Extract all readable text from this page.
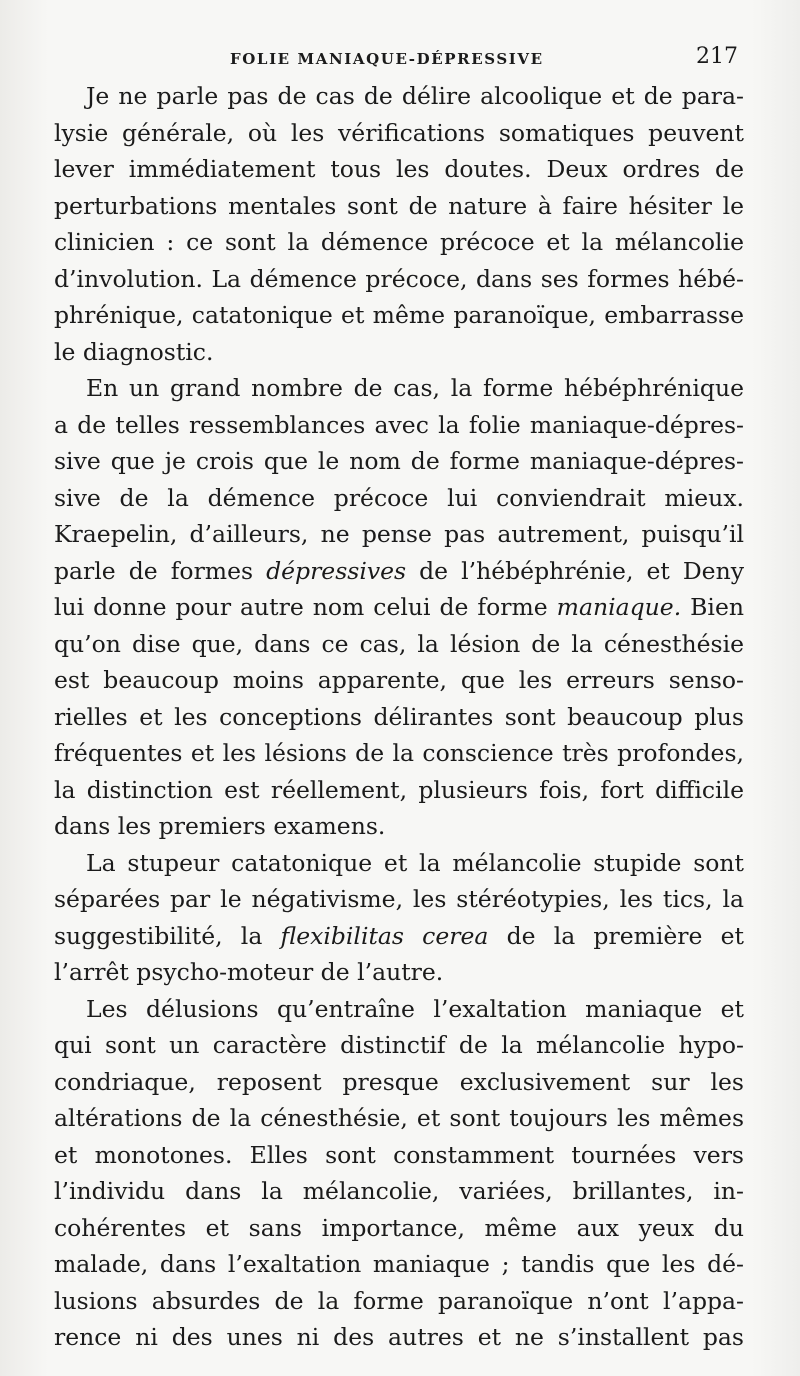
FOLIE MANIAQUE-DÉPRESSIVE	217
Je ne parle pas de cas de délire alcoolique et de para-
lysie générale, où les vérifications somatiques peuvent
lever immédiatement tous les doutes. Deux ordres de
perturbations mentales sont de nature à faire hésiter le
clinicien : ce sont la démence précoce et la mélancolie
d’involution. La démence précoce, dans ses formes hébé-
phrénique, catatonique et même paranoïque, embarrasse
le diagnostic.
En un grand nombre de cas, la forme hébéphrénique
a de telles ressemblances avec la folie maniaque-dépres-
sive que je crois que le nom de forme maniaque-dépres-
sive de la démence précoce lui conviendrait mieux.
Kraepelin, d’ailleurs, ne pense pas autrement, puisqu’il
parle de formes dépressives de l’hébéphrénie, et Deny
lui donne pour autre nom celui de forme maniaque. Bien
qu’on dise que, dans ce cas, la lésion de la cénesthésie
est beaucoup moins apparente, que les erreurs senso-
rielles et les conceptions délirantes sont beaucoup plus
fréquentes et les lésions de la conscience très profondes,
la distinction est réellement, plusieurs fois, fort difficile
dans les premiers examens.
La stupeur catatonique et la mélancolie stupide sont
séparées par le négativisme, les stéréotypies, les tics, la
suggestibilité, la flexibilitas cerea de la première et
l’arrêt psycho-moteur de l’autre.
Les délusions qu’entraîne l’exaltation maniaque et
qui sont un caractère distinctif de la mélancolie hypo-
condriaque, reposent presque exclusivement sur les
altérations de la cénesthésie, et sont toujours les mêmes
et monotones. Elles sont constamment tournées vers
l’individu dans la mélancolie, variées, brillantes, in-
cohérentes et sans importance, même aux yeux du
malade, dans l’exaltation maniaque ; tandis que les dé-
lusions absurdes de la forme paranoïque n’ont l’appa-
rence ni des unes ni des autres et ne s’installent pas
